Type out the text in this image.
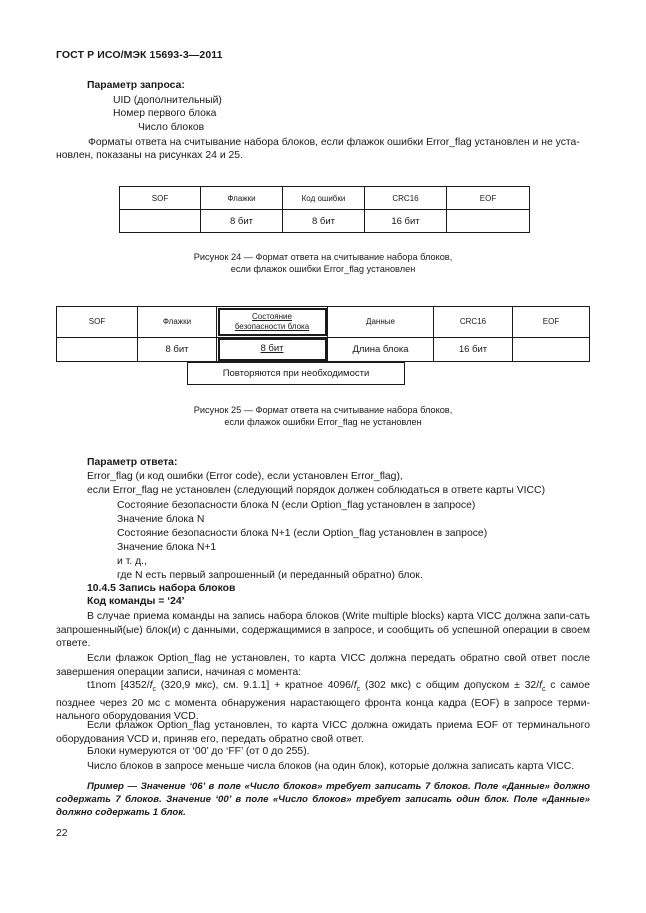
ГОСТ Р ИСО/МЭК 15693-3—2011
Параметр запроса:
UID (дополнительный)
Номер первого блока
Число блоков
Форматы ответа на считывание набора блоков, если флажок ошибки Error_flag установлен и не уста-
новлен, показаны на рисунках 24 и 25.
SOF	Флажки	Код ошибки	CRC16	EOF
	8 бит	8 бит	16 бит	
Рисунок 24 — Формат ответа на считывание набора блоков,
если флажок ошибки Error_flag установлен
SOF	Флажки	Состояние
безопасности блока	Данные	CRC16	EOF
	8 бит	8 бит	Длина блока	16 бит	
Повторяются при необходимости
Рисунок 25 — Формат ответа на считывание набора блоков,
если флажок ошибки Error_flag не установлен
Параметр ответа:
Error_flag (и код ошибки (Error code), если установлен Error_flag),
если Error_flag не установлен (следующий порядок должен соблюдаться в ответе карты VICC)
Состояние безопасности блока N (если Option_flag установлен в запросе)
Значение блока N
Состояние безопасности блока N+1 (если Option_flag установлен в запросе)
Значение блока N+1
и т. д.,
где N есть первый запрошенный (и переданный обратно) блок.
10.4.5 Запись набора блоков
Код команды = ‘24’
В случае приема команды на запись набора блоков (Write multiple blocks) карта VICC должна запи-сать запрошенный(ые) блок(и) с данными, содержащимися в запросе, и сообщить об успешной операции в своем ответе.
Если флажок Option_flag не установлен, то карта VICC должна передать обратно свой ответ после завершения операции записи, начиная с момента:
t1nom [$4352/f_c$ (320,9 мкс), см. 9.1.1] + кратное $4096/f_c$ (302 мкс) с общим допуском ± $32/f_c$ с самое позднее через 20 мс с момента обнаружения нарастающего фронта конца кадра (EOF) в запросе терми-нального оборудования VCD.
Если флажок Option_flag установлен, то карта VICC должна ожидать приема EOF от терминального оборудования VCD и, приняв его, передать обратно свой ответ.
Блоки нумеруются от ‘00’ до ‘FF’ (от 0 до 255).
Число блоков в запросе меньше числа блоков (на один блок), которые должна записать карта VICC.
Пример — Значение ‘06’ в поле «Число блоков» требует записать 7 блоков. Поле «Данные» должно содержать 7 блоков. Значение ‘00’ в поле «Число блоков» требует записать один блок. Поле «Данные» должно содержать 1 блок.
22
